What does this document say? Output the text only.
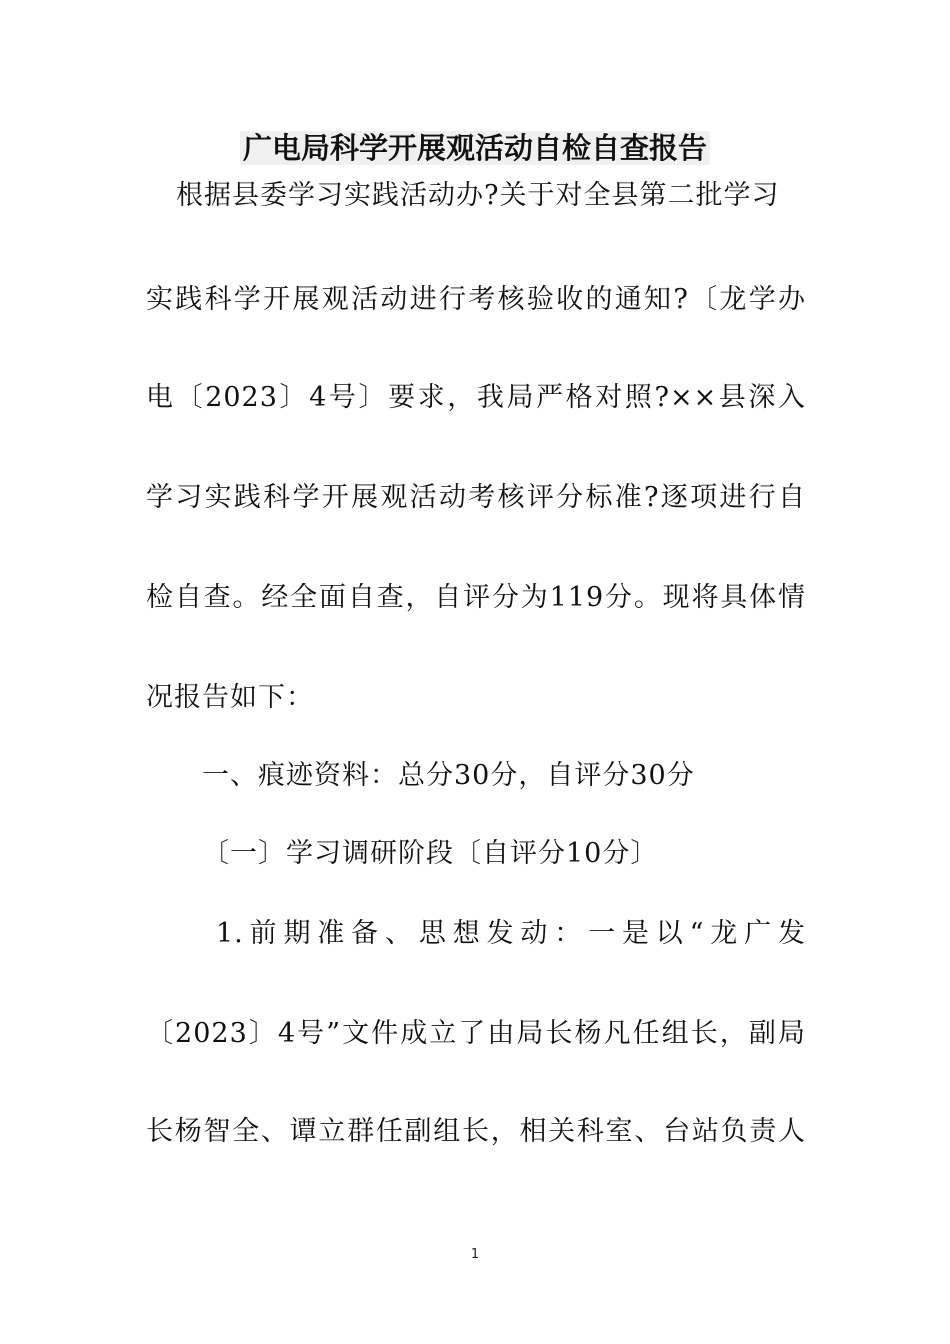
广电局科学开展观活动自检自查报告
根据县委学习实践活动办?关于对全县第二批学习
实践科学开展观活动进行考核验收的通知?〔龙学办
电〔2023〕4号〕要求，我局严格对照?××县深入
学习实践科学开展观活动考核评分标准?逐项进行自
检自查。经全面自查，自评分为119分。现将具体情
况报告如下：
一、痕迹资料：总分30分，自评分30分
〔一〕学习调研阶段〔自评分10分〕
1.前期准备、思想发动：一是以“龙广发
〔2023〕4号”文件成立了由局长杨凡任组长，副局
长杨智全、谭立群任副组长，相关科室、台站负责人
1
